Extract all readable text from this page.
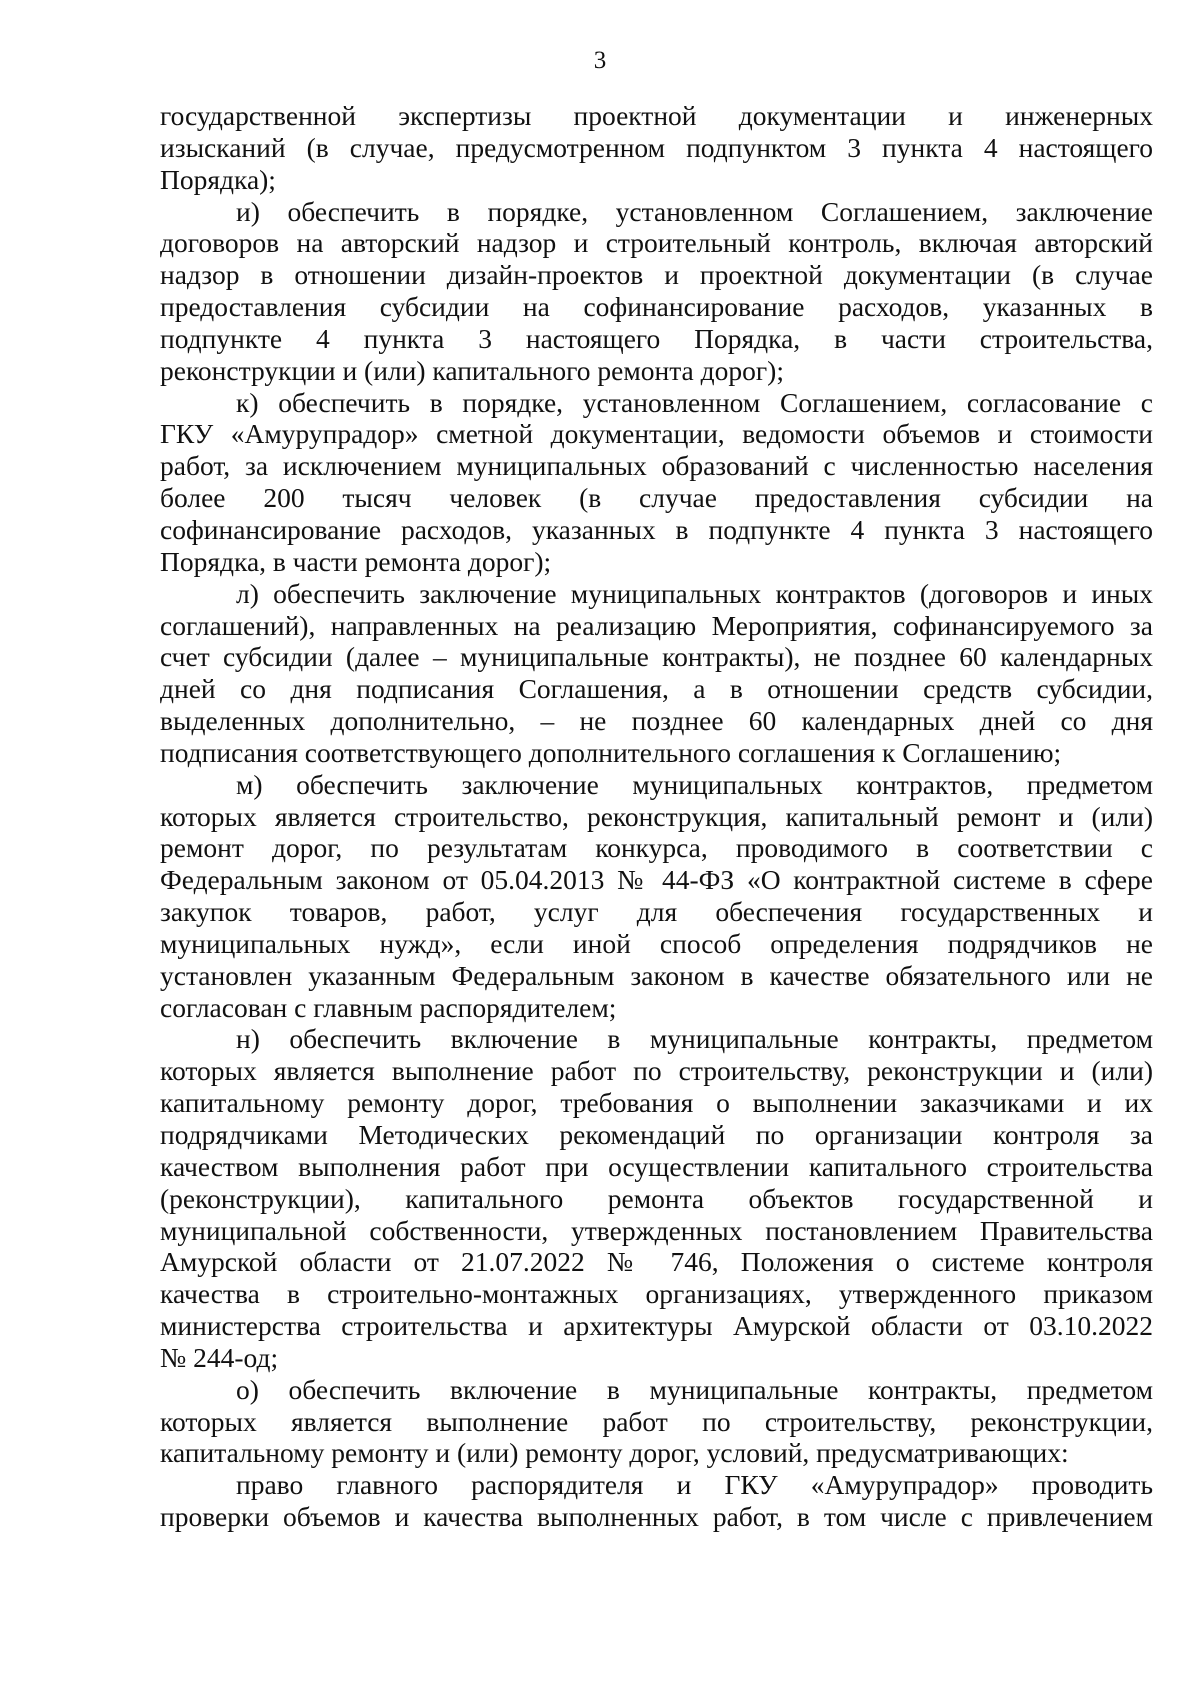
3
государственной экспертизы проектной документации и инженерных
изысканий (в случае, предусмотренном подпунктом 3 пункта 4 настоящего
Порядка);
и) обеспечить в порядке, установленном Соглашением, заключение
договоров на авторский надзор и строительный контроль, включая авторский
надзор в отношении дизайн-проектов и проектной документации (в случае
предоставления субсидии на софинансирование расходов, указанных в
подпункте 4 пункта 3 настоящего Порядка, в части строительства,
реконструкции и (или) капитального ремонта дорог);
к) обеспечить в порядке, установленном Соглашением, согласование с
ГКУ «Амурупрадор» сметной документации, ведомости объемов и стоимости
работ, за исключением муниципальных образований с численностью населения
более 200 тысяч человек (в случае предоставления субсидии на
софинансирование расходов, указанных в подпункте 4 пункта 3 настоящего
Порядка, в части ремонта дорог);
л) обеспечить заключение муниципальных контрактов (договоров и иных
соглашений), направленных на реализацию Мероприятия, софинансируемого за
счет субсидии (далее – муниципальные контракты), не позднее 60 календарных
дней со дня подписания Соглашения, а в отношении средств субсидии,
выделенных дополнительно, – не позднее 60 календарных дней со дня
подписания соответствующего дополнительного соглашения к Соглашению;
м) обеспечить заключение муниципальных контрактов, предметом
которых является строительство, реконструкция, капитальный ремонт и (или)
ремонт дорог, по результатам конкурса, проводимого в соответствии с
Федеральным законом от 05.04.2013 № 44-ФЗ «О контрактной системе в сфере
закупок товаров, работ, услуг для обеспечения государственных и
муниципальных нужд», если иной способ определения подрядчиков не
установлен указанным Федеральным законом в качестве обязательного или не
согласован с главным распорядителем;
н) обеспечить включение в муниципальные контракты, предметом
которых является выполнение работ по строительству, реконструкции и (или)
капитальному ремонту дорог, требования о выполнении заказчиками и их
подрядчиками Методических рекомендаций по организации контроля за
качеством выполнения работ при осуществлении капитального строительства
(реконструкции), капитального ремонта объектов государственной и
муниципальной собственности, утвержденных постановлением Правительства
Амурской области от 21.07.2022 № 746, Положения о системе контроля
качества в строительно-монтажных организациях, утвержденного приказом
министерства строительства и архитектуры Амурской области от 03.10.2022
№ 244-од;
о) обеспечить включение в муниципальные контракты, предметом
которых является выполнение работ по строительству, реконструкции,
капитальному ремонту и (или) ремонту дорог, условий, предусматривающих:
право главного распорядителя и ГКУ «Амурупрадор» проводить
проверки объемов и качества выполненных работ, в том числе с привлечением
